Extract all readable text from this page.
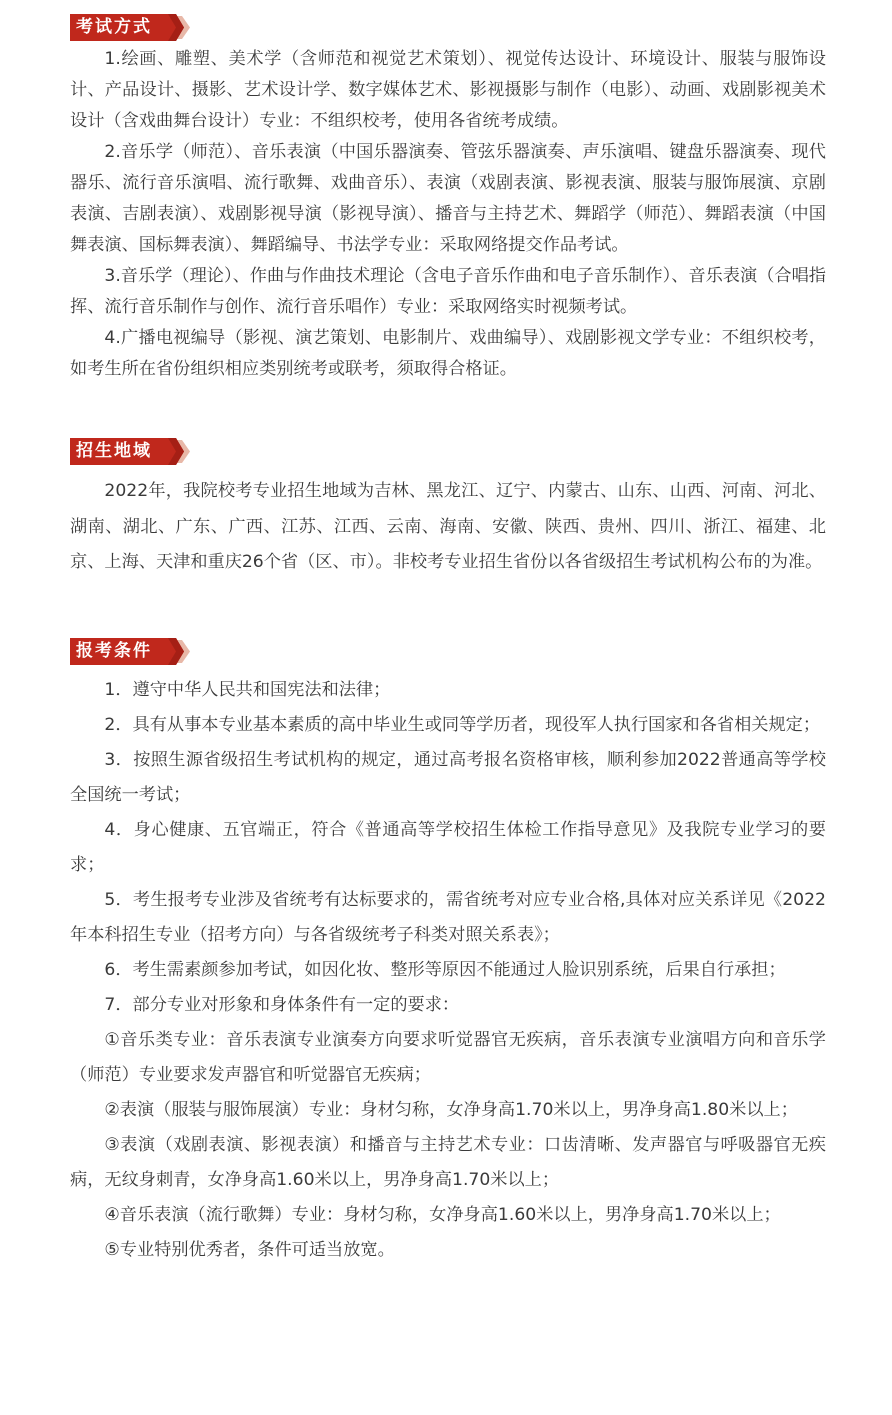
考试方式

1.绘画、雕塑、美术学（含师范和视觉艺术策划）、视觉传达设计、环境设计、服装与服饰设计、产品设计、摄影、艺术设计学、数字媒体艺术、影视摄影与制作（电影）、动画、戏剧影视美术设计（含戏曲舞台设计）专业：不组织校考，使用各省统考成绩。

2.音乐学（师范）、音乐表演（中国乐器演奏、管弦乐器演奏、声乐演唱、键盘乐器演奏、现代器乐、流行音乐演唱、流行歌舞、戏曲音乐）、表演（戏剧表演、影视表演、服装与服饰展演、京剧表演、吉剧表演）、戏剧影视导演（影视导演）、播音与主持艺术、舞蹈学（师范）、舞蹈表演（中国舞表演、国标舞表演）、舞蹈编导、书法学专业：采取网络提交作品考试。

3.音乐学（理论）、作曲与作曲技术理论（含电子音乐作曲和电子音乐制作）、音乐表演（合唱指挥、流行音乐制作与创作、流行音乐唱作）专业：采取网络实时视频考试。

4.广播电视编导（影视、演艺策划、电影制片、戏曲编导）、戏剧影视文学专业：不组织校考，如考生所在省份组织相应类别统考或联考，须取得合格证。

招生地域

2022年，我院校考专业招生地域为吉林、黑龙江、辽宁、内蒙古、山东、山西、河南、河北、湖南、湖北、广东、广西、江苏、江西、云南、海南、安徽、陕西、贵州、四川、浙江、福建、北京、上海、天津和重庆26个省（区、市）。非校考专业招生省份以各省级招生考试机构公布的为准。

报考条件

1．遵守中华人民共和国宪法和法律；

2．具有从事本专业基本素质的高中毕业生或同等学历者，现役军人执行国家和各省相关规定；

3．按照生源省级招生考试机构的规定，通过高考报名资格审核，顺利参加2022普通高等学校全国统一考试；

4．身心健康、五官端正，符合《普通高等学校招生体检工作指导意见》及我院专业学习的要求；

5．考生报考专业涉及省统考有达标要求的，需省统考对应专业合格,具体对应关系详见《2022年本科招生专业（招考方向）与各省级统考子科类对照关系表》；

6．考生需素颜参加考试，如因化妆、整形等原因不能通过人脸识别系统，后果自行承担；

7．部分专业对形象和身体条件有一定的要求：

①音乐类专业：音乐表演专业演奏方向要求听觉器官无疾病，音乐表演专业演唱方向和音乐学（师范）专业要求发声器官和听觉器官无疾病；

②表演（服装与服饰展演）专业：身材匀称，女净身高1.70米以上，男净身高1.80米以上；

③表演（戏剧表演、影视表演）和播音与主持艺术专业：口齿清晰、发声器官与呼吸器官无疾病，无纹身刺青，女净身高1.60米以上，男净身高1.70米以上；

④音乐表演（流行歌舞）专业：身材匀称，女净身高1.60米以上，男净身高1.70米以上；

⑤专业特别优秀者，条件可适当放宽。
